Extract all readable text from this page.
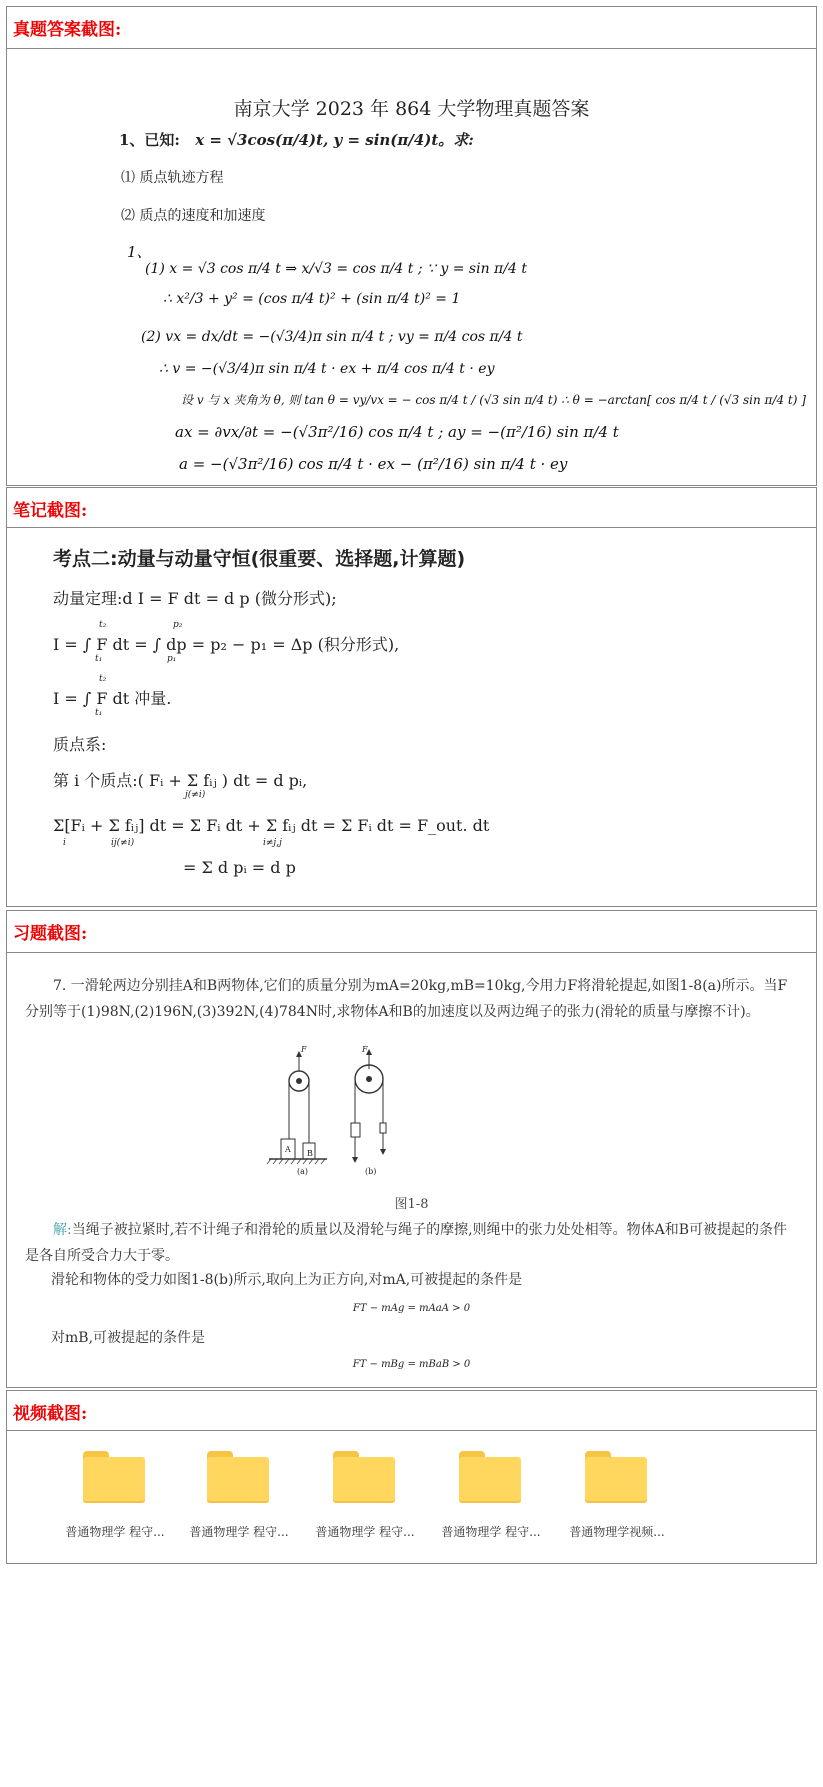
真题答案截图:
南京大学 2023 年 864 大学物理真题答案
1、已知: x = √3cos(π/4)t, y = sin(π/4)t。求:
⑴ 质点轨迹方程
⑵ 质点的速度和加速度
1、
(1) x = √3 cos π/4 t ⇒ x/√3 = cos π/4 t ; ∵ y = sin π/4 t
∴ x²/3 + y² = (cos π/4 t)² + (sin π/4 t)² = 1
(2) vx = dx/dt = −(√3/4)π sin π/4 t ; vy = π/4 cos π/4 t
∴ v = −(√3/4)π sin π/4 t · ex + π/4 cos π/4 t · ey
设 v 与 x 夹角为 θ, 则 tan θ = vy/vx = − cos π/4 t / (√3 sin π/4 t) ∴ θ = −arctan[ cos π/4 t / (√3 sin π/4 t) ]
ax = ∂vx/∂t = −(√3π²/16) cos π/4 t ; ay = −(π²/16) sin π/4 t
a = −(√3π²/16) cos π/4 t · ex − (π²/16) sin π/4 t · ey
笔记截图:
考点二:动量与动量守恒(很重要、选择题,计算题)
动量定理:d I = F dt = d p (微分形式);
I = ∫ F dt = ∫ dp = p₂ − p₁ = Δp (积分形式),
t₂
t₁
p₂
p₁
I = ∫ F dt 冲量.
t₂
t₁
质点系:
第 i 个质点:( Fᵢ + Σ fᵢⱼ ) dt = d pᵢ,
j(≠i)
Σ[Fᵢ + Σ fᵢⱼ] dt = Σ Fᵢ dt + Σ fᵢⱼ dt = Σ Fᵢ dt = F_out. dt
i	ij(≠i)	i≠j,j
= Σ d pᵢ = d p
习题截图:
7. 一滑轮两边分别挂A和B两物体,它们的质量分别为mA=20kg,mB=10kg,今用力F将滑轮提起,如图1-8(a)所示。当F分别等于(1)98N,(2)196N,(3)392N,(4)784N时,求物体A和B的加速度以及两边绳子的张力(滑轮的质量与摩擦不计)。
F	F
A B
(a)	(b)
图1-8
解:当绳子被拉紧时,若不计绳子和滑轮的质量以及滑轮与绳子的摩擦,则绳中的张力处处相等。物体A和B可被提起的条件是各自所受合力大于零。
滑轮和物体的受力如图1-8(b)所示,取向上为正方向,对mA,可被提起的条件是
FT − mAg = mAaA > 0
对mB,可被提起的条件是
FT − mBg = mBaB > 0
视频截图:
普通物理学 程守...	普通物理学 程守...	普通物理学 程守...	普通物理学 程守...	普通物理学视频...
